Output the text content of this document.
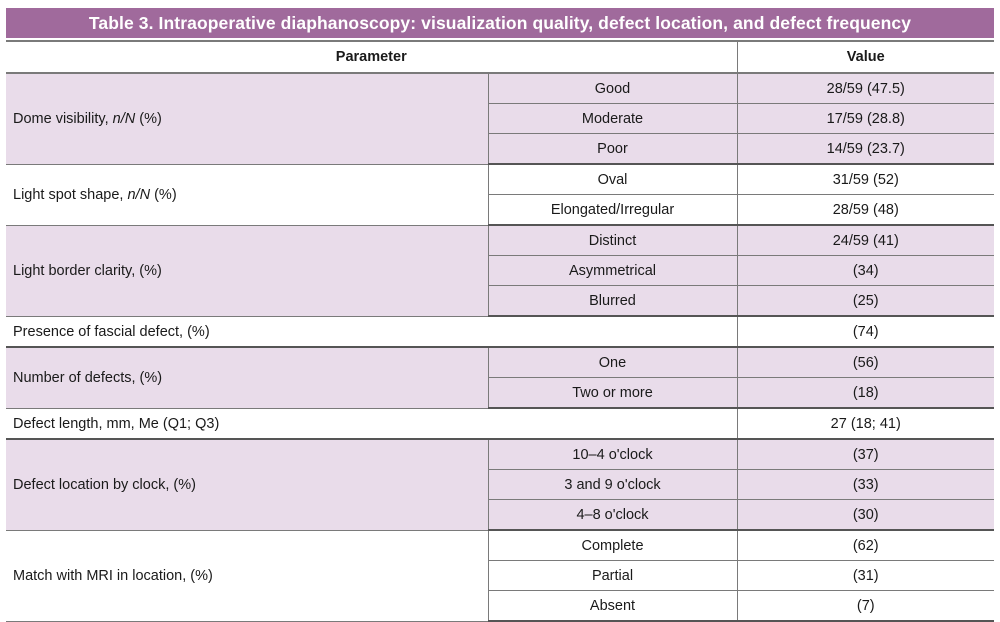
Table 3. Intraoperative diaphanoscopy: visualization quality, defect location, and defect frequency
Parameter		Value
Dome visibility, n/N (%)	Good	28/59 (47.5)
	Moderate	17/59 (28.8)
	Poor	14/59 (23.7)
Light spot shape, n/N (%)	Oval	31/59 (52)
	Elongated/Irregular	28/59 (48)
Light border clarity, (%)	Distinct	24/59 (41)
	Asymmetrical	(34)
	Blurred	(25)
Presence of fascial defect, (%)		(74)
Number of defects, (%)	One	(56)
	Two or more	(18)
Defect length, mm, Me (Q1; Q3)		27 (18; 41)
Defect location by clock, (%)	10–4 o'clock	(37)
	3 and 9 o'clock	(33)
	4–8 o'clock	(30)
Match with MRI in location, (%)	Complete	(62)
	Partial	(31)
	Absent	(7)
